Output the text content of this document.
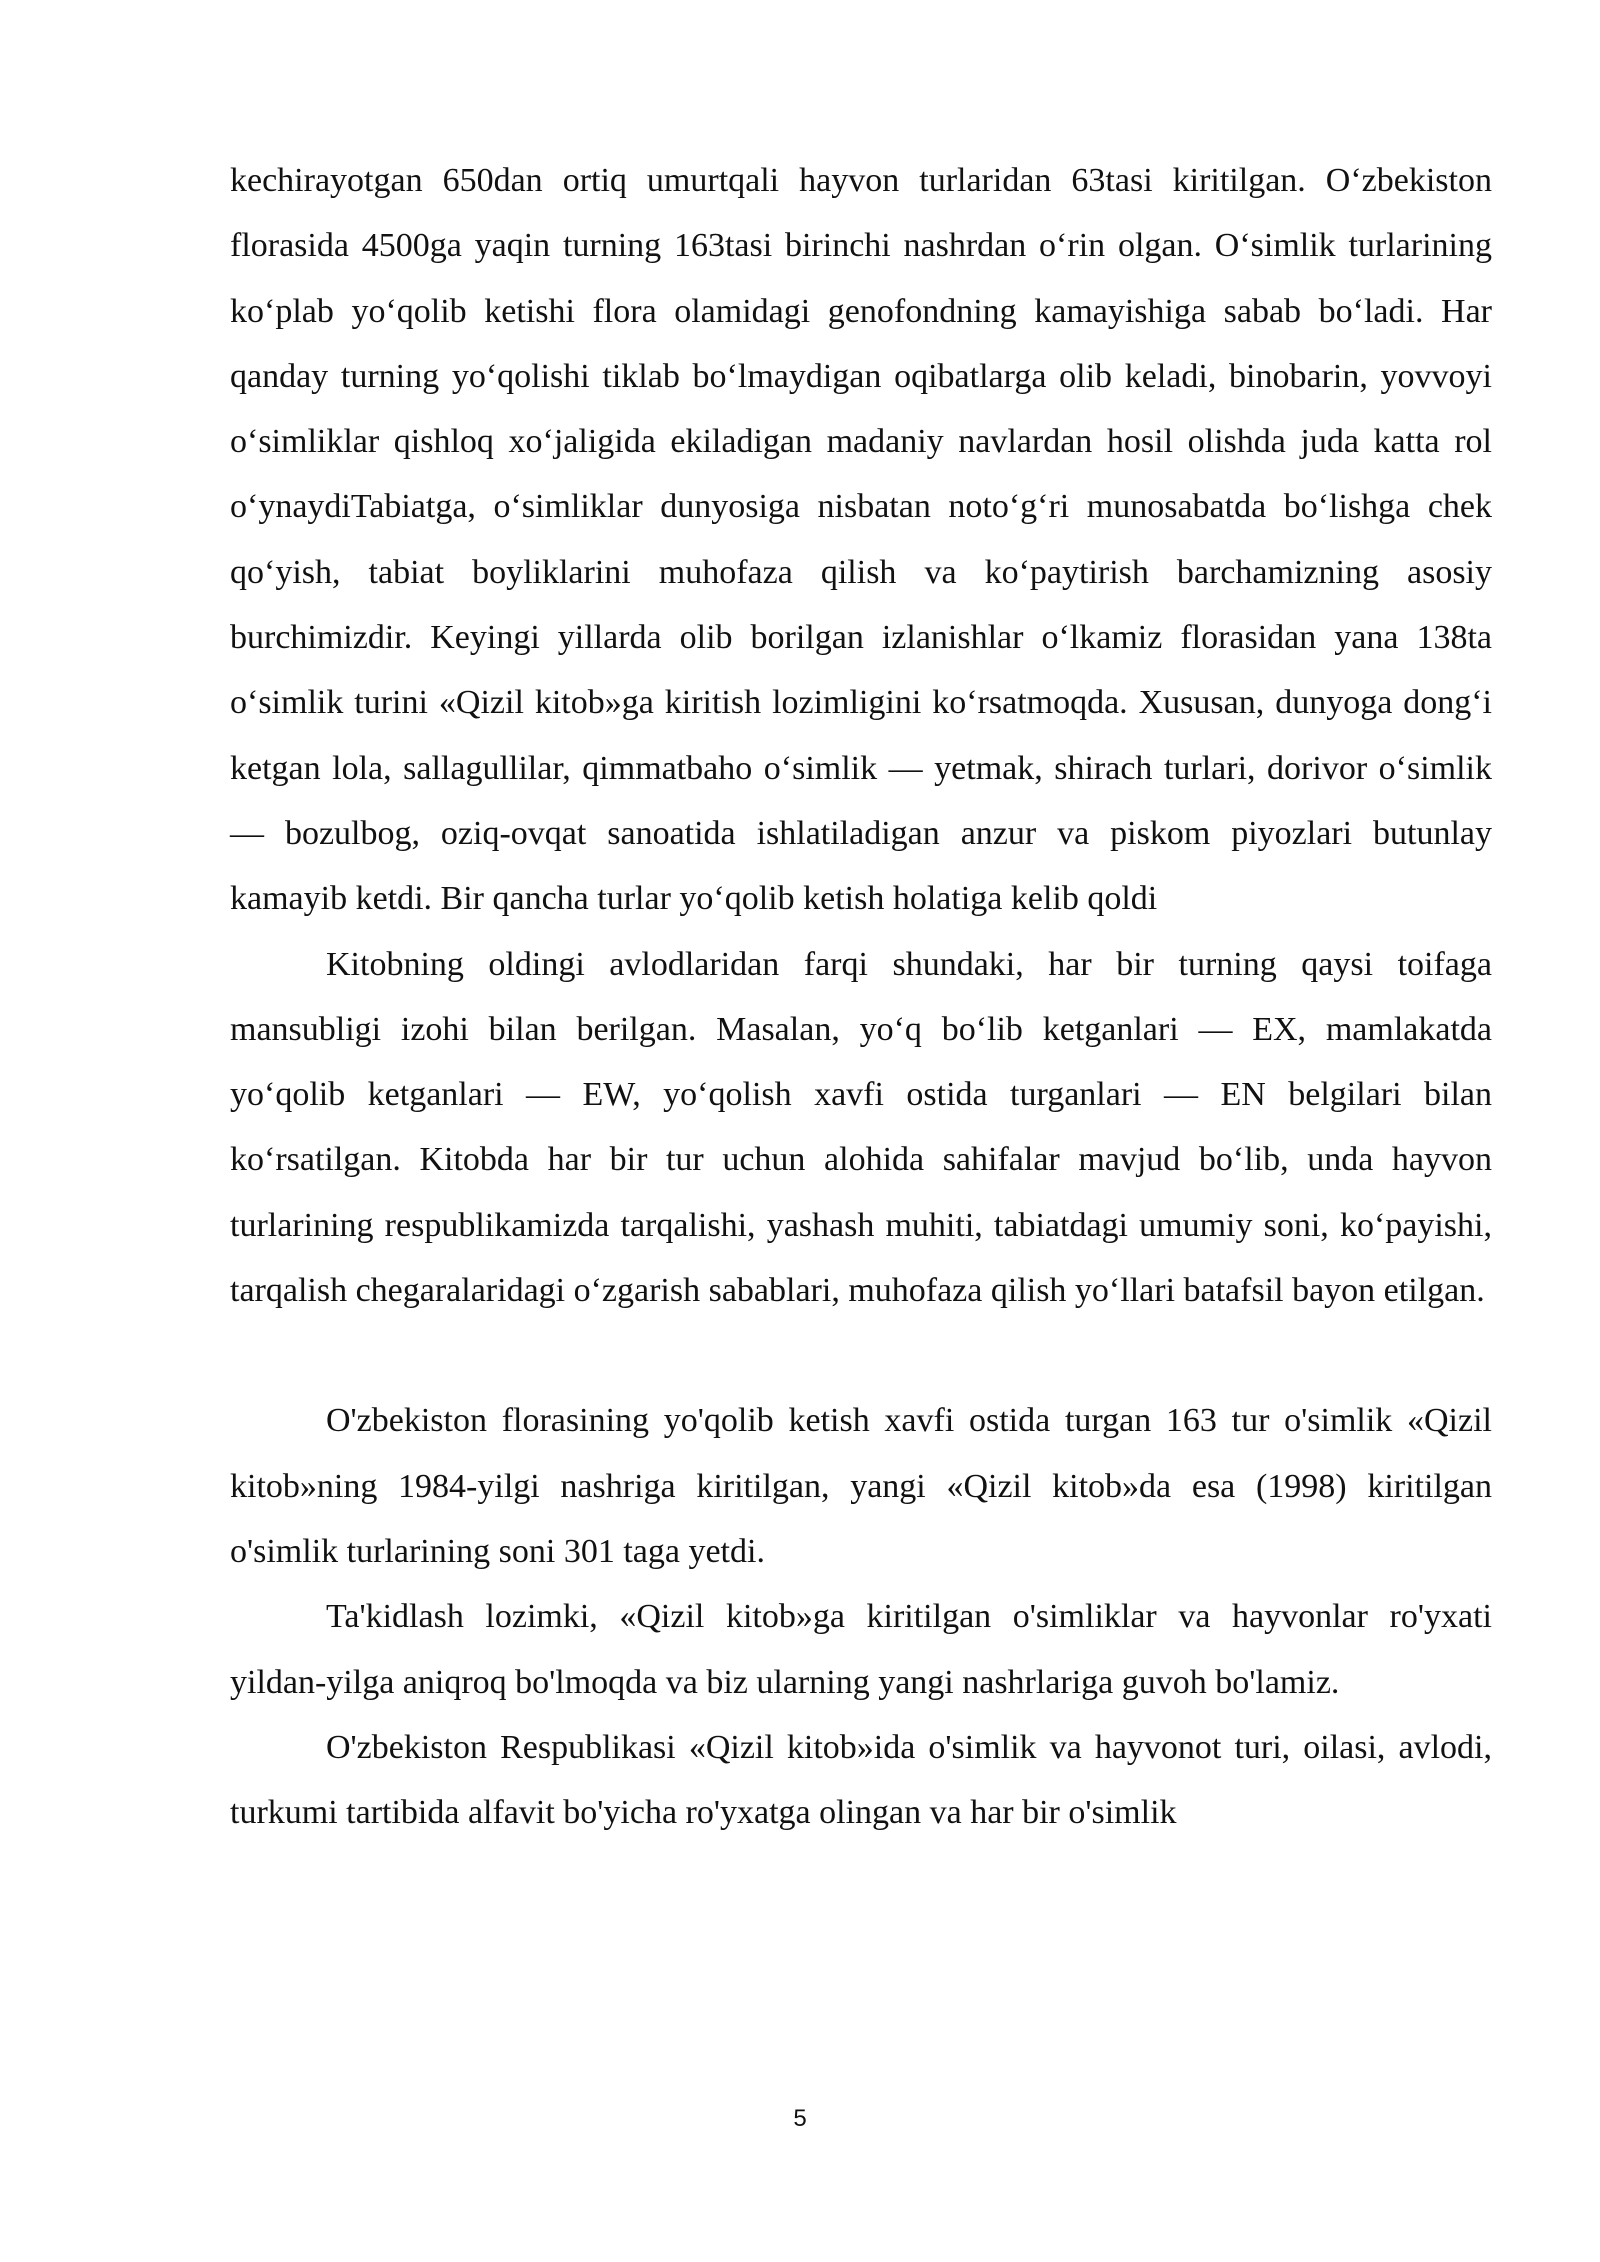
kechirayotgan 650dan ortiq umurtqali hayvon turlaridan 63tasi kiritilgan. Oʻzbekiston florasida 4500ga yaqin turning 163tasi birinchi nashrdan oʻrin olgan. Oʻsimlik turlarining koʻplab yoʻqolib ketishi flora olamidagi genofondning kamayishiga sabab boʻladi. Har qanday turning yoʻqolishi tiklab boʻlmaydigan oqibatlarga olib keladi, binobarin, yovvoyi oʻsimliklar qishloq xoʻjaligida ekiladigan madaniy navlardan hosil olishda juda katta rol oʻynaydiTabiatga, oʻsimliklar dunyosiga nisbatan notoʻgʻri munosabatda boʻlishga chek qoʻyish, tabiat boyliklarini muhofaza qilish va koʻpaytirish barchamizning asosiy burchimizdir. Keyingi yillarda olib borilgan izlanishlar oʻlkamiz florasidan yana 138ta oʻsimlik turini «Qizil kitob»ga kiritish lozimligini koʻrsatmoqda. Xususan, dunyoga dongʻi ketgan lola, sallagullilar, qimmatbaho oʻsimlik — yetmak, shirach turlari, dorivor oʻsimlik — bozulbog, oziq-ovqat sanoatida ishlatiladigan anzur va piskom piyozlari butunlay kamayib ketdi. Bir qancha turlar yoʻqolib ketish holatiga kelib qoldi

Kitobning oldingi avlodlaridan farqi shundaki, har bir turning qaysi toifaga mansubligi izohi bilan berilgan. Masalan, yoʻq boʻlib ketganlari — EX, mamlakatda yoʻqolib ketganlari — EW, yoʻqolish xavfi ostida turganlari — EN belgilari bilan koʻrsatilgan. Kitobda har bir tur uchun alohida sahifalar mavjud boʻlib, unda hayvon turlarining respublikamizda tarqalishi, yashash muhiti, tabiatdagi umumiy soni, koʻpayishi, tarqalish chegaralaridagi oʻzgarish sabablari, muhofaza qilish yoʻllari batafsil bayon etilgan.

O'zbekiston florasining yo'qolib ketish xavfi ostida turgan 163 tur o'simlik «Qizil kitob»ning 1984-yilgi nashriga kiritilgan, yangi «Qizil kitob»da esa (1998) kiritilgan o'simlik turlarining soni 301 taga yetdi.

Ta'kidlash lozimki, «Qizil kitob»ga kiritilgan o'simliklar va hayvonlar ro'yxati yildan-yilga aniqroq bo'lmoqda va biz ularning yangi nashrlariga guvoh bo'lamiz.

O'zbekiston Respublikasi «Qizil kitob»ida o'simlik va hayvonot turi, oilasi, avlodi, turkumi tartibida alfavit bo'yicha ro'yxatga olingan va har bir o'simlik

5
